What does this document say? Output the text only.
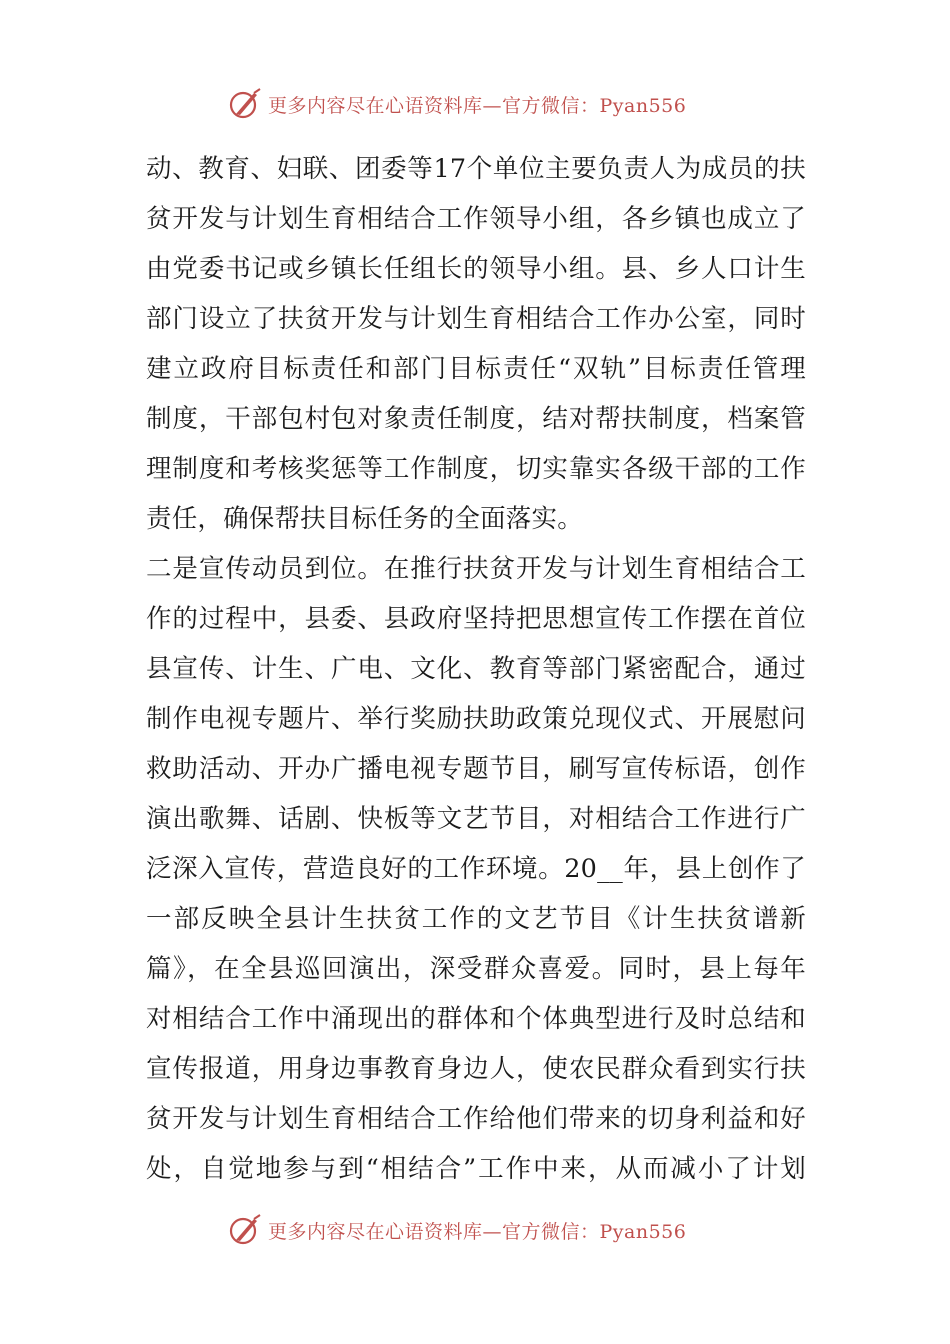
更多内容尽在心语资料库—官方微信：Pyan556
动、教育、妇联、团委等17个单位主要负责人为成员的扶
贫开发与计划生育相结合工作领导小组，各乡镇也成立了
由党委书记或乡镇长任组长的领导小组。县、乡人口计生
部门设立了扶贫开发与计划生育相结合工作办公室，同时
建立政府目标责任和部门目标责任“双轨”目标责任管理
制度，干部包村包对象责任制度，结对帮扶制度，档案管
理制度和考核奖惩等工作制度，切实靠实各级干部的工作
责任，确保帮扶目标任务的全面落实。
二是宣传动员到位。在推行扶贫开发与计划生育相结合工
作的过程中，县委、县政府坚持把思想宣传工作摆在首位
县宣传、计生、广电、文化、教育等部门紧密配合，通过
制作电视专题片、举行奖励扶助政策兑现仪式、开展慰问
救助活动、开办广播电视专题节目，刷写宣传标语，创作
演出歌舞、话剧、快板等文艺节目，对相结合工作进行广
泛深入宣传，营造良好的工作环境。20__年，县上创作了
一部反映全县计生扶贫工作的文艺节目《计生扶贫谱新
篇》，在全县巡回演出，深受群众喜爱。同时，县上每年
对相结合工作中涌现出的群体和个体典型进行及时总结和
宣传报道，用身边事教育身边人，使农民群众看到实行扶
贫开发与计划生育相结合工作给他们带来的切身利益和好
处，自觉地参与到“相结合”工作中来，从而减小了计划
更多内容尽在心语资料库—官方微信：Pyan556
